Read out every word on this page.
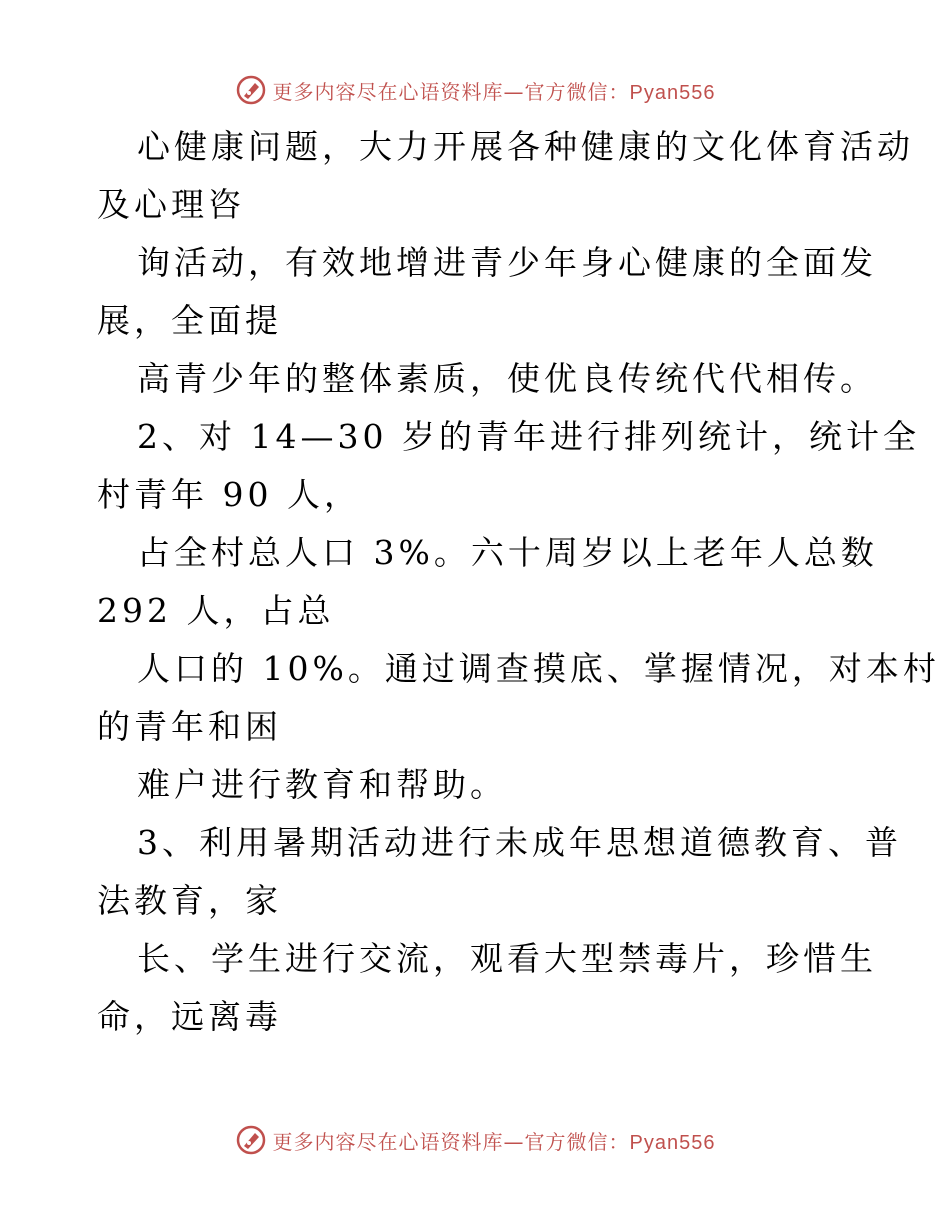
更多内容尽在心语资料库—官方微信：Pyan556
心健康问题，大力开展各种健康的文化体育活动
及心理咨
询活动，有效地增进青少年身心健康的全面发
展，全面提
高青少年的整体素质，使优良传统代代相传。
2、对 14—30 岁的青年进行排列统计，统计全
村青年 90 人，
占全村总人口 3%。六十周岁以上老年人总数
292 人，占总
人口的 10%。通过调查摸底、掌握情况，对本村
的青年和困
难户进行教育和帮助。
3、利用暑期活动进行未成年思想道德教育、普
法教育，家
长、学生进行交流，观看大型禁毒片，珍惜生
命，远离毒
更多内容尽在心语资料库—官方微信：Pyan556
